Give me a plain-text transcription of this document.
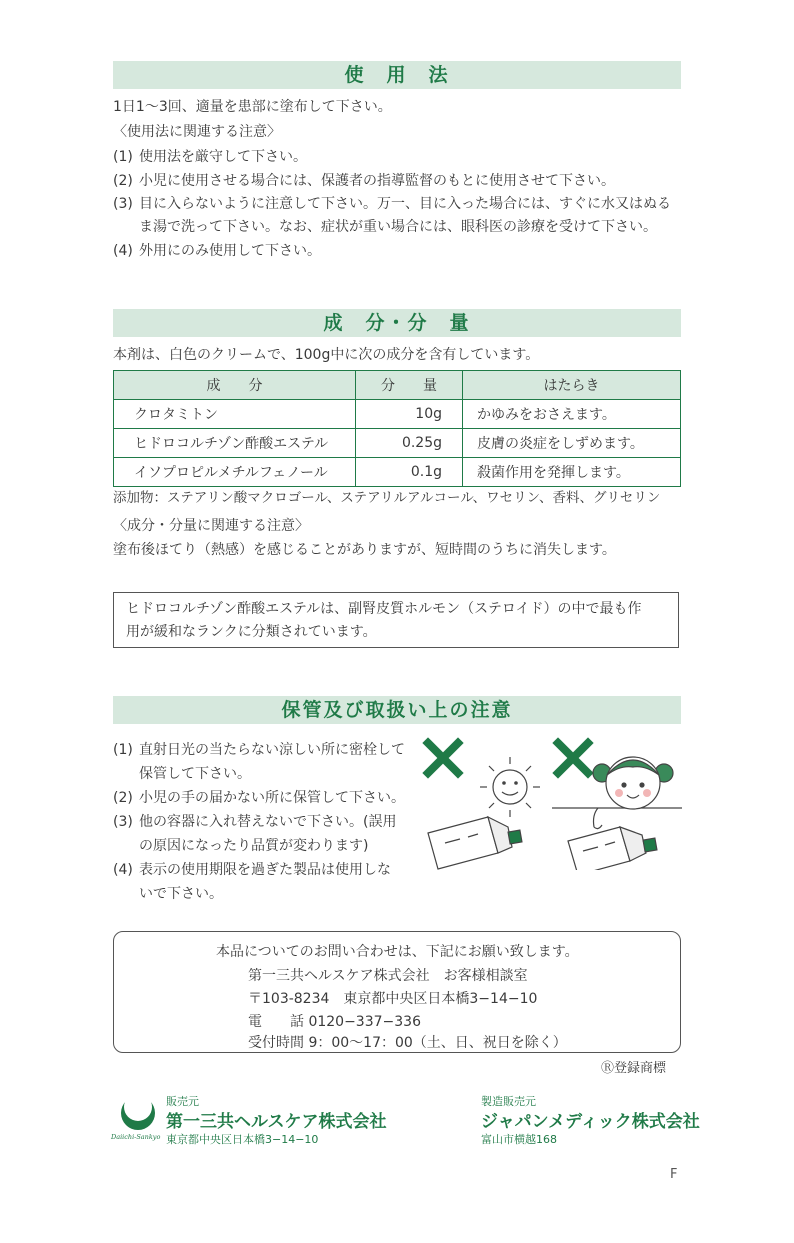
使　用　法
1日1～3回、適量を患部に塗布して下さい。
〈使用法に関連する注意〉
(1) 使用法を厳守して下さい。
(2) 小児に使用させる場合には、保護者の指導監督のもとに使用させて下さい。
(3) 目に入らないように注意して下さい。万一、目に入った場合には、すぐに水又はぬる
ま湯で洗って下さい。なお、症状が重い場合には、眼科医の診療を受けて下さい。
(4) 外用にのみ使用して下さい。
成　分・分　量
本剤は、白色のクリームで、100g中に次の成分を含有しています。
成　　分	分　　量	はたらき
クロタミトン	10g	かゆみをおさえます。
ヒドロコルチゾン酢酸エステル	0.25g	皮膚の炎症をしずめます。
イソプロピルメチルフェノール	0.1g	殺菌作用を発揮します。
添加物：ステアリン酸マクロゴール、ステアリルアルコール、ワセリン、香料、グリセリン
〈成分・分量に関連する注意〉
塗布後ほてり（熱感）を感じることがありますが、短時間のうちに消失します。
ヒドロコルチゾン酢酸エステルは、副腎皮質ホルモン（ステロイド）の中で最も作
用が緩和なランクに分類されています。
保管及び取扱い上の注意
(1) 直射日光の当たらない涼しい所に密栓して
保管して下さい。
(2) 小児の手の届かない所に保管して下さい。
(3) 他の容器に入れ替えないで下さい。(誤用
の原因になったり品質が変わります)
(4) 表示の使用期限を過ぎた製品は使用しな
いで下さい。
本品についてのお問い合わせは、下記にお願い致します。
第一三共ヘルスケア株式会社　お客様相談室
〒103-8234　東京都中央区日本橋3−14−10
電　　話 0120−337−336
受付時間 9：00～17：00（土、日、祝日を除く）
Ⓡ登録商標
Daiichi-Sankyo
販売元
第一三共ヘルスケア株式会社
東京都中央区日本橋3−14−10
製造販売元
ジャパンメディック株式会社
富山市横越168
F
